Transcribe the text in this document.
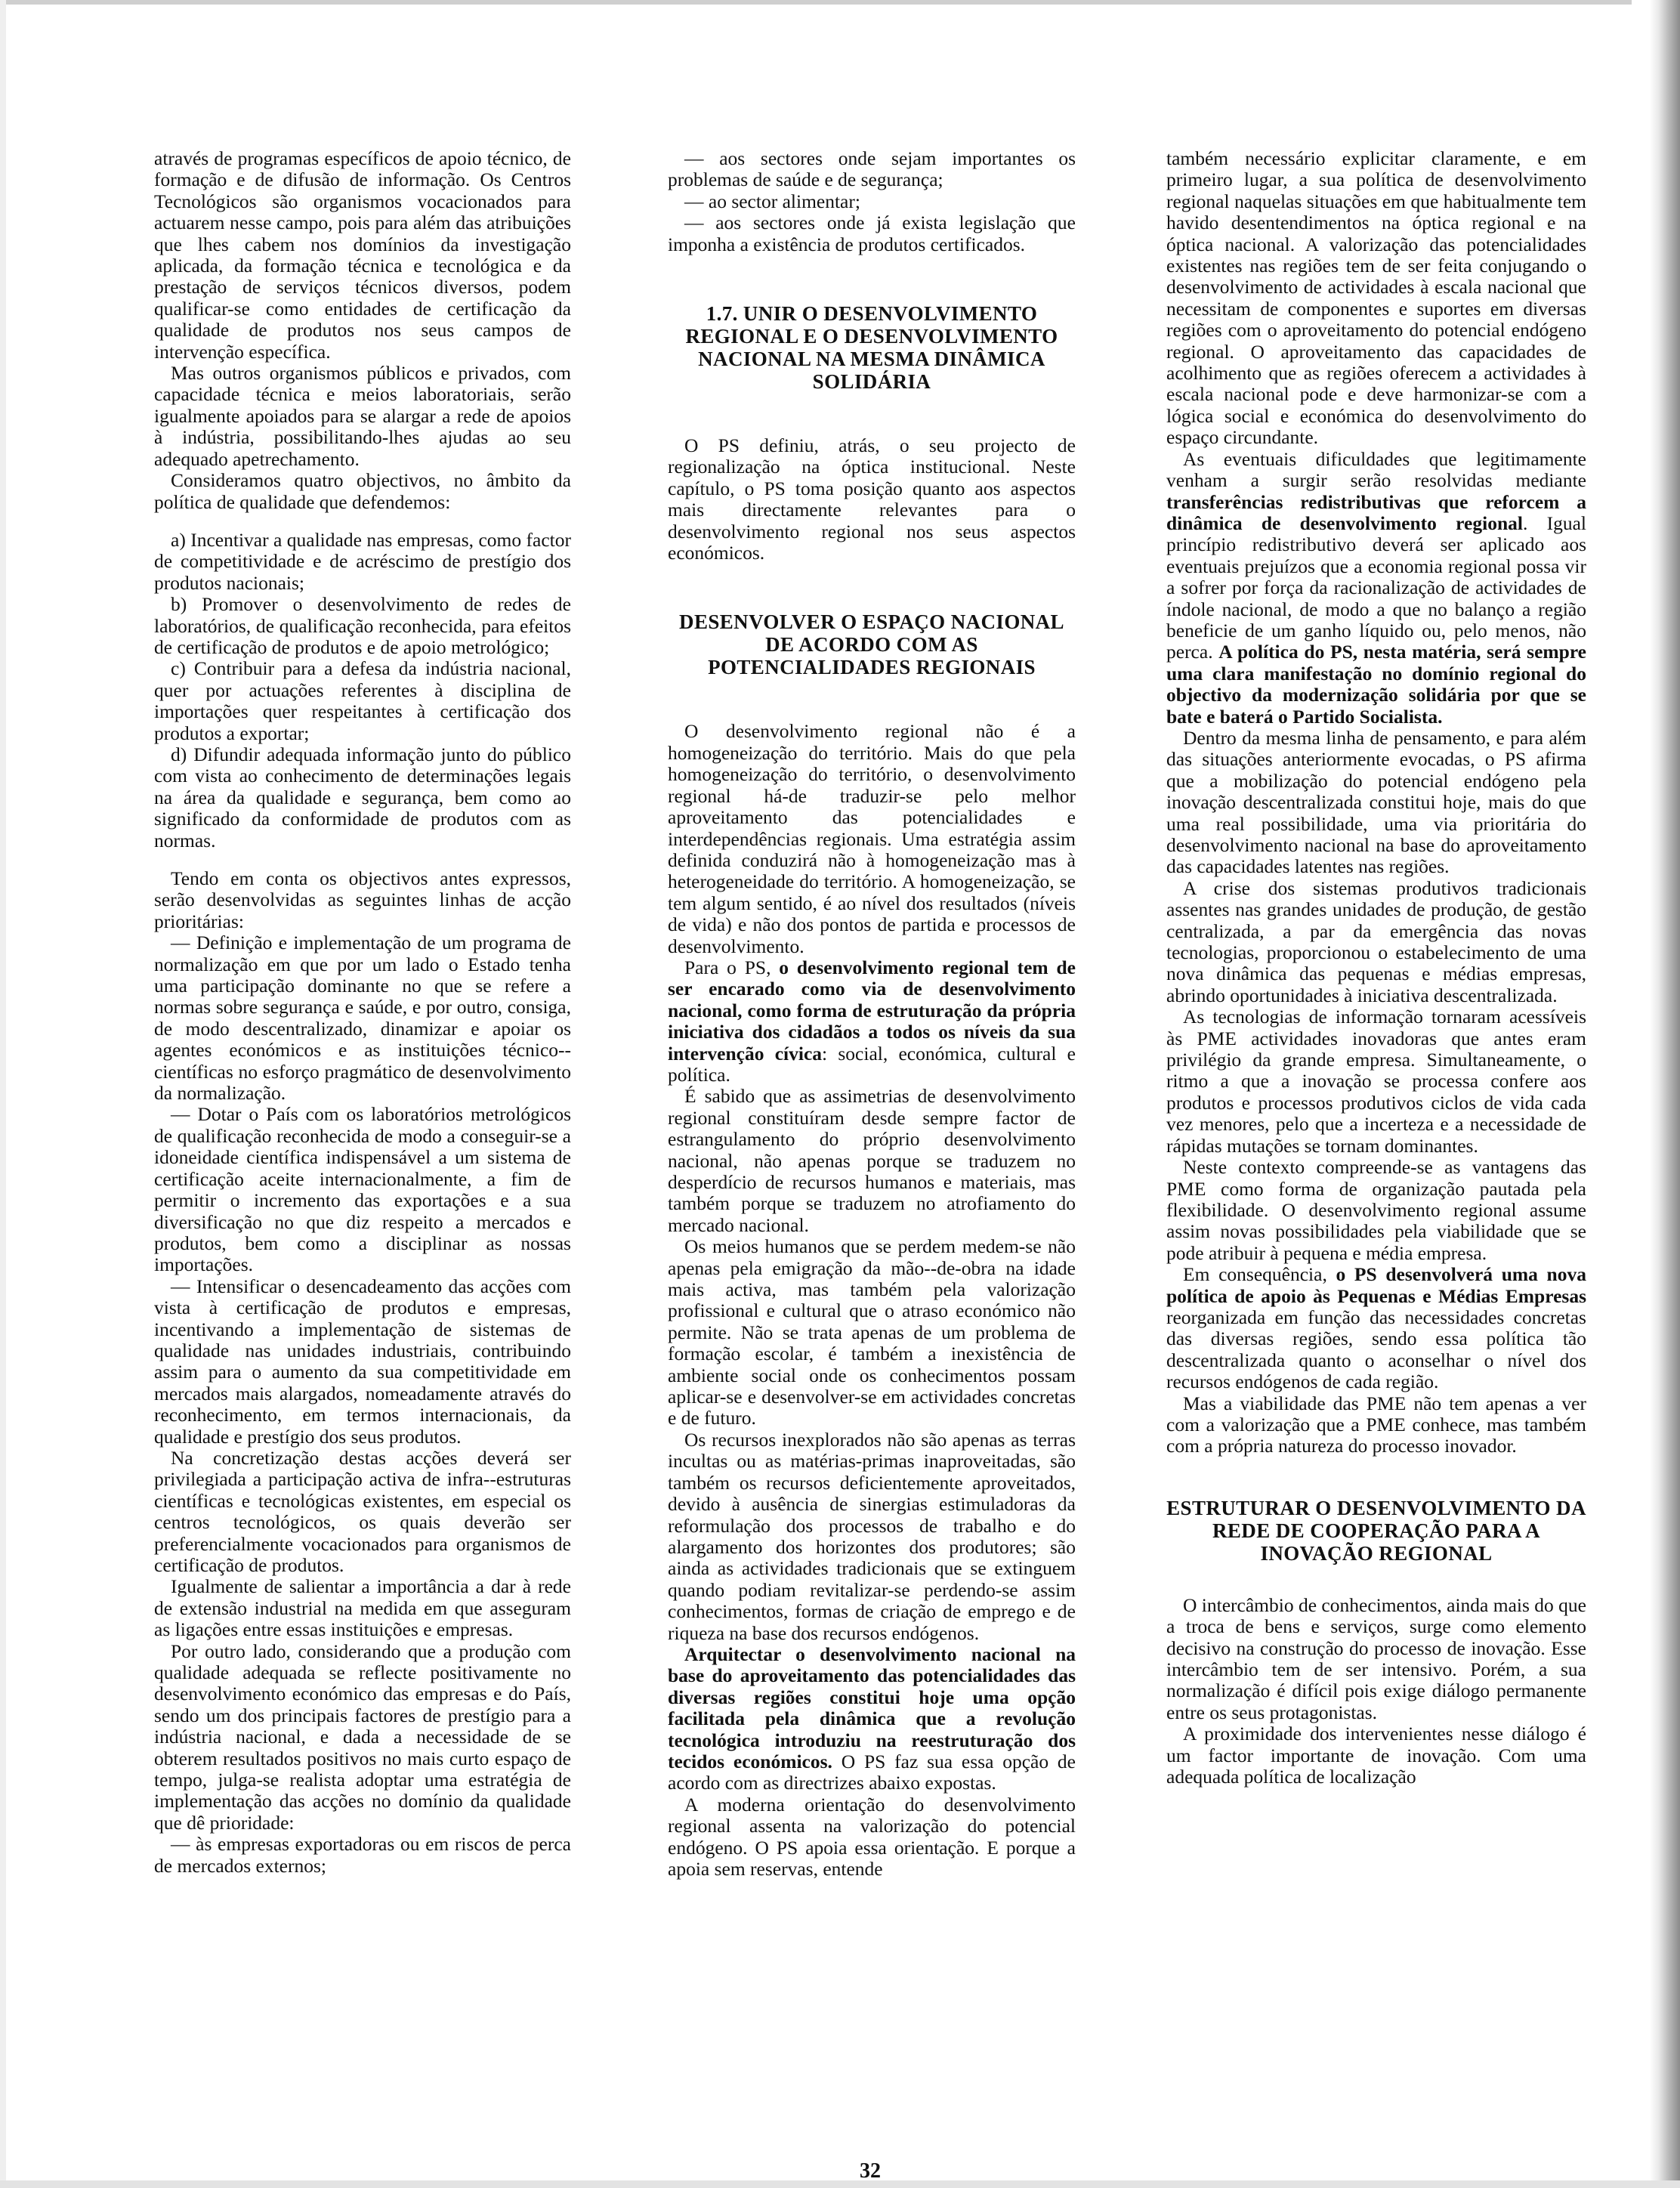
através de programas específicos de apoio técnico, de formação e de difusão de informação. Os Centros Tecnológicos são organismos vocacionados para actuarem nesse campo, pois para além das atribuições que lhes cabem nos domínios da investigação aplicada, da formação técnica e tecnológica e da prestação de serviços técnicos diversos, podem qualificar-se como entidades de certificação da qualidade de produtos nos seus campos de intervenção específica.

Mas outros organismos públicos e privados, com capacidade técnica e meios laboratoriais, serão igualmente apoiados para se alargar a rede de apoios à indústria, possibilitando-lhes ajudas ao seu adequado apetrechamento.

Consideramos quatro objectivos, no âmbito da política de qualidade que defendemos:

a) Incentivar a qualidade nas empresas, como factor de competitividade e de acréscimo de prestígio dos produtos nacionais;

b) Promover o desenvolvimento de redes de laboratórios, de qualificação reconhecida, para efeitos de certificação de produtos e de apoio metrológico;

c) Contribuir para a defesa da indústria nacional, quer por actuações referentes à disciplina de importações quer respeitantes à certificação dos produtos a exportar;

d) Difundir adequada informação junto do público com vista ao conhecimento de determinações legais na área da qualidade e segurança, bem como ao significado da conformidade de produtos com as normas.

Tendo em conta os objectivos antes expressos, serão desenvolvidas as seguintes linhas de acção prioritárias:

— Definição e implementação de um programa de normalização em que por um lado o Estado tenha uma participação dominante no que se refere a normas sobre segurança e saúde, e por outro, consiga, de modo descentralizado, dinamizar e apoiar os agentes económicos e as instituições técnico--científicas no esforço pragmático de desenvolvimento da normalização.

— Dotar o País com os laboratórios metrológicos de qualificação reconhecida de modo a conseguir-se a idoneidade científica indispensável a um sistema de certificação aceite internacionalmente, a fim de permitir o incremento das exportações e a sua diversificação no que diz respeito a mercados e produtos, bem como a disciplinar as nossas importações.

— Intensificar o desencadeamento das acções com vista à certificação de produtos e empresas, incentivando a implementação de sistemas de qualidade nas unidades industriais, contribuindo assim para o aumento da sua competitividade em mercados mais alargados, nomeadamente através do reconhecimento, em termos internacionais, da qualidade e prestígio dos seus produtos.

Na concretização destas acções deverá ser privilegiada a participação activa de infra--estruturas científicas e tecnológicas existentes, em especial os centros tecnológicos, os quais deverão ser preferencialmente vocacionados para organismos de certificação de produtos.

Igualmente de salientar a importância a dar à rede de extensão industrial na medida em que asseguram as ligações entre essas instituições e empresas.

Por outro lado, considerando que a produção com qualidade adequada se reflecte positivamente no desenvolvimento económico das empresas e do País, sendo um dos principais factores de prestígio para a indústria nacional, e dada a necessidade de se obterem resultados positivos no mais curto espaço de tempo, julga-se realista adoptar uma estratégia de implementação das acções no domínio da qualidade que dê prioridade:

— às empresas exportadoras ou em riscos de perca de mercados externos;

— aos sectores onde sejam importantes os problemas de saúde e de segurança;

— ao sector alimentar;

— aos sectores onde já exista legislação que imponha a existência de produtos certificados.

1.7. UNIR O DESENVOLVIMENTO REGIONAL E O DESENVOLVIMENTO NACIONAL NA MESMA DINÂMICA SOLIDÁRIA

O PS definiu, atrás, o seu projecto de regionalização na óptica institucional. Neste capítulo, o PS toma posição quanto aos aspectos mais directamente relevantes para o desenvolvimento regional nos seus aspectos económicos.

DESENVOLVER O ESPAÇO NACIONAL DE ACORDO COM AS POTENCIALIDADES REGIONAIS

O desenvolvimento regional não é a homogeneização do território. Mais do que pela homogeneização do território, o desenvolvimento regional há-de traduzir-se pelo melhor aproveitamento das potencialidades e interdependências regionais. Uma estratégia assim definida conduzirá não à homogeneização mas à heterogeneidade do território. A homogeneização, se tem algum sentido, é ao nível dos resultados (níveis de vida) e não dos pontos de partida e processos de desenvolvimento.

Para o PS, o desenvolvimento regional tem de ser encarado como via de desenvolvimento nacional, como forma de estruturação da própria iniciativa dos cidadãos a todos os níveis da sua intervenção cívica: social, económica, cultural e política.

É sabido que as assimetrias de desenvolvimento regional constituíram desde sempre factor de estrangulamento do próprio desenvolvimento nacional, não apenas porque se traduzem no desperdício de recursos humanos e materiais, mas também porque se traduzem no atrofiamento do mercado nacional.

Os meios humanos que se perdem medem-se não apenas pela emigração da mão--de-obra na idade mais activa, mas também pela valorização profissional e cultural que o atraso económico não permite. Não se trata apenas de um problema de formação escolar, é também a inexistência de ambiente social onde os conhecimentos possam aplicar-se e desenvolver-se em actividades concretas e de futuro.

Os recursos inexplorados não são apenas as terras incultas ou as matérias-primas inaproveitadas, são também os recursos deficientemente aproveitados, devido à ausência de sinergias estimuladoras da reformulação dos processos de trabalho e do alargamento dos horizontes dos produtores; são ainda as actividades tradicionais que se extinguem quando podiam revitalizar-se perdendo-se assim conhecimentos, formas de criação de emprego e de riqueza na base dos recursos endógenos.

Arquitectar o desenvolvimento nacional na base do aproveitamento das potencialidades das diversas regiões constitui hoje uma opção facilitada pela dinâmica que a revolução tecnológica introduziu na reestruturação dos tecidos económicos. O PS faz sua essa opção de acordo com as directrizes abaixo expostas.

A moderna orientação do desenvolvimento regional assenta na valorização do potencial endógeno. O PS apoia essa orientação. E porque a apoia sem reservas, entende

também necessário explicitar claramente, e em primeiro lugar, a sua política de desenvolvimento regional naquelas situações em que habitualmente tem havido desentendimentos na óptica regional e na óptica nacional. A valorização das potencialidades existentes nas regiões tem de ser feita conjugando o desenvolvimento de actividades à escala nacional que necessitam de componentes e suportes em diversas regiões com o aproveitamento do potencial endógeno regional. O aproveitamento das capacidades de acolhimento que as regiões oferecem a actividades à escala nacional pode e deve harmonizar-se com a lógica social e económica do desenvolvimento do espaço circundante.

As eventuais dificuldades que legitimamente venham a surgir serão resolvidas mediante transferências redistributivas que reforcem a dinâmica de desenvolvimento regional. Igual princípio redistributivo deverá ser aplicado aos eventuais prejuízos que a economia regional possa vir a sofrer por força da racionalização de actividades de índole nacional, de modo a que no balanço a região beneficie de um ganho líquido ou, pelo menos, não perca. A política do PS, nesta matéria, será sempre uma clara manifestação no domínio regional do objectivo da modernização solidária por que se bate e baterá o Partido Socialista.

Dentro da mesma linha de pensamento, e para além das situações anteriormente evocadas, o PS afirma que a mobilização do potencial endógeno pela inovação descentralizada constitui hoje, mais do que uma real possibilidade, uma via prioritária do desenvolvimento nacional na base do aproveitamento das capacidades latentes nas regiões.

A crise dos sistemas produtivos tradicionais assentes nas grandes unidades de produção, de gestão centralizada, a par da emergência das novas tecnologias, proporcionou o estabelecimento de uma nova dinâmica das pequenas e médias empresas, abrindo oportunidades à iniciativa descentralizada.

As tecnologias de informação tornaram acessíveis às PME actividades inovadoras que antes eram privilégio da grande empresa. Simultaneamente, o ritmo a que a inovação se processa confere aos produtos e processos produtivos ciclos de vida cada vez menores, pelo que a incerteza e a necessidade de rápidas mutações se tornam dominantes.

Neste contexto compreende-se as vantagens das PME como forma de organização pautada pela flexibilidade. O desenvolvimento regional assume assim novas possibilidades pela viabilidade que se pode atribuir à pequena e média empresa.

Em consequência, o PS desenvolverá uma nova política de apoio às Pequenas e Médias Empresas reorganizada em função das necessidades concretas das diversas regiões, sendo essa política tão descentralizada quanto o aconselhar o nível dos recursos endógenos de cada região.

Mas a viabilidade das PME não tem apenas a ver com a valorização que a PME conhece, mas também com a própria natureza do processo inovador.

ESTRUTURAR O DESENVOLVIMENTO DA REDE DE COOPERAÇÃO PARA A INOVAÇÃO REGIONAL

O intercâmbio de conhecimentos, ainda mais do que a troca de bens e serviços, surge como elemento decisivo na construção do processo de inovação. Esse intercâmbio tem de ser intensivo. Porém, a sua normalização é difícil pois exige diálogo permanente entre os seus protagonistas.

A proximidade dos intervenientes nesse diálogo é um factor importante de inovação. Com uma adequada política de localização

32
